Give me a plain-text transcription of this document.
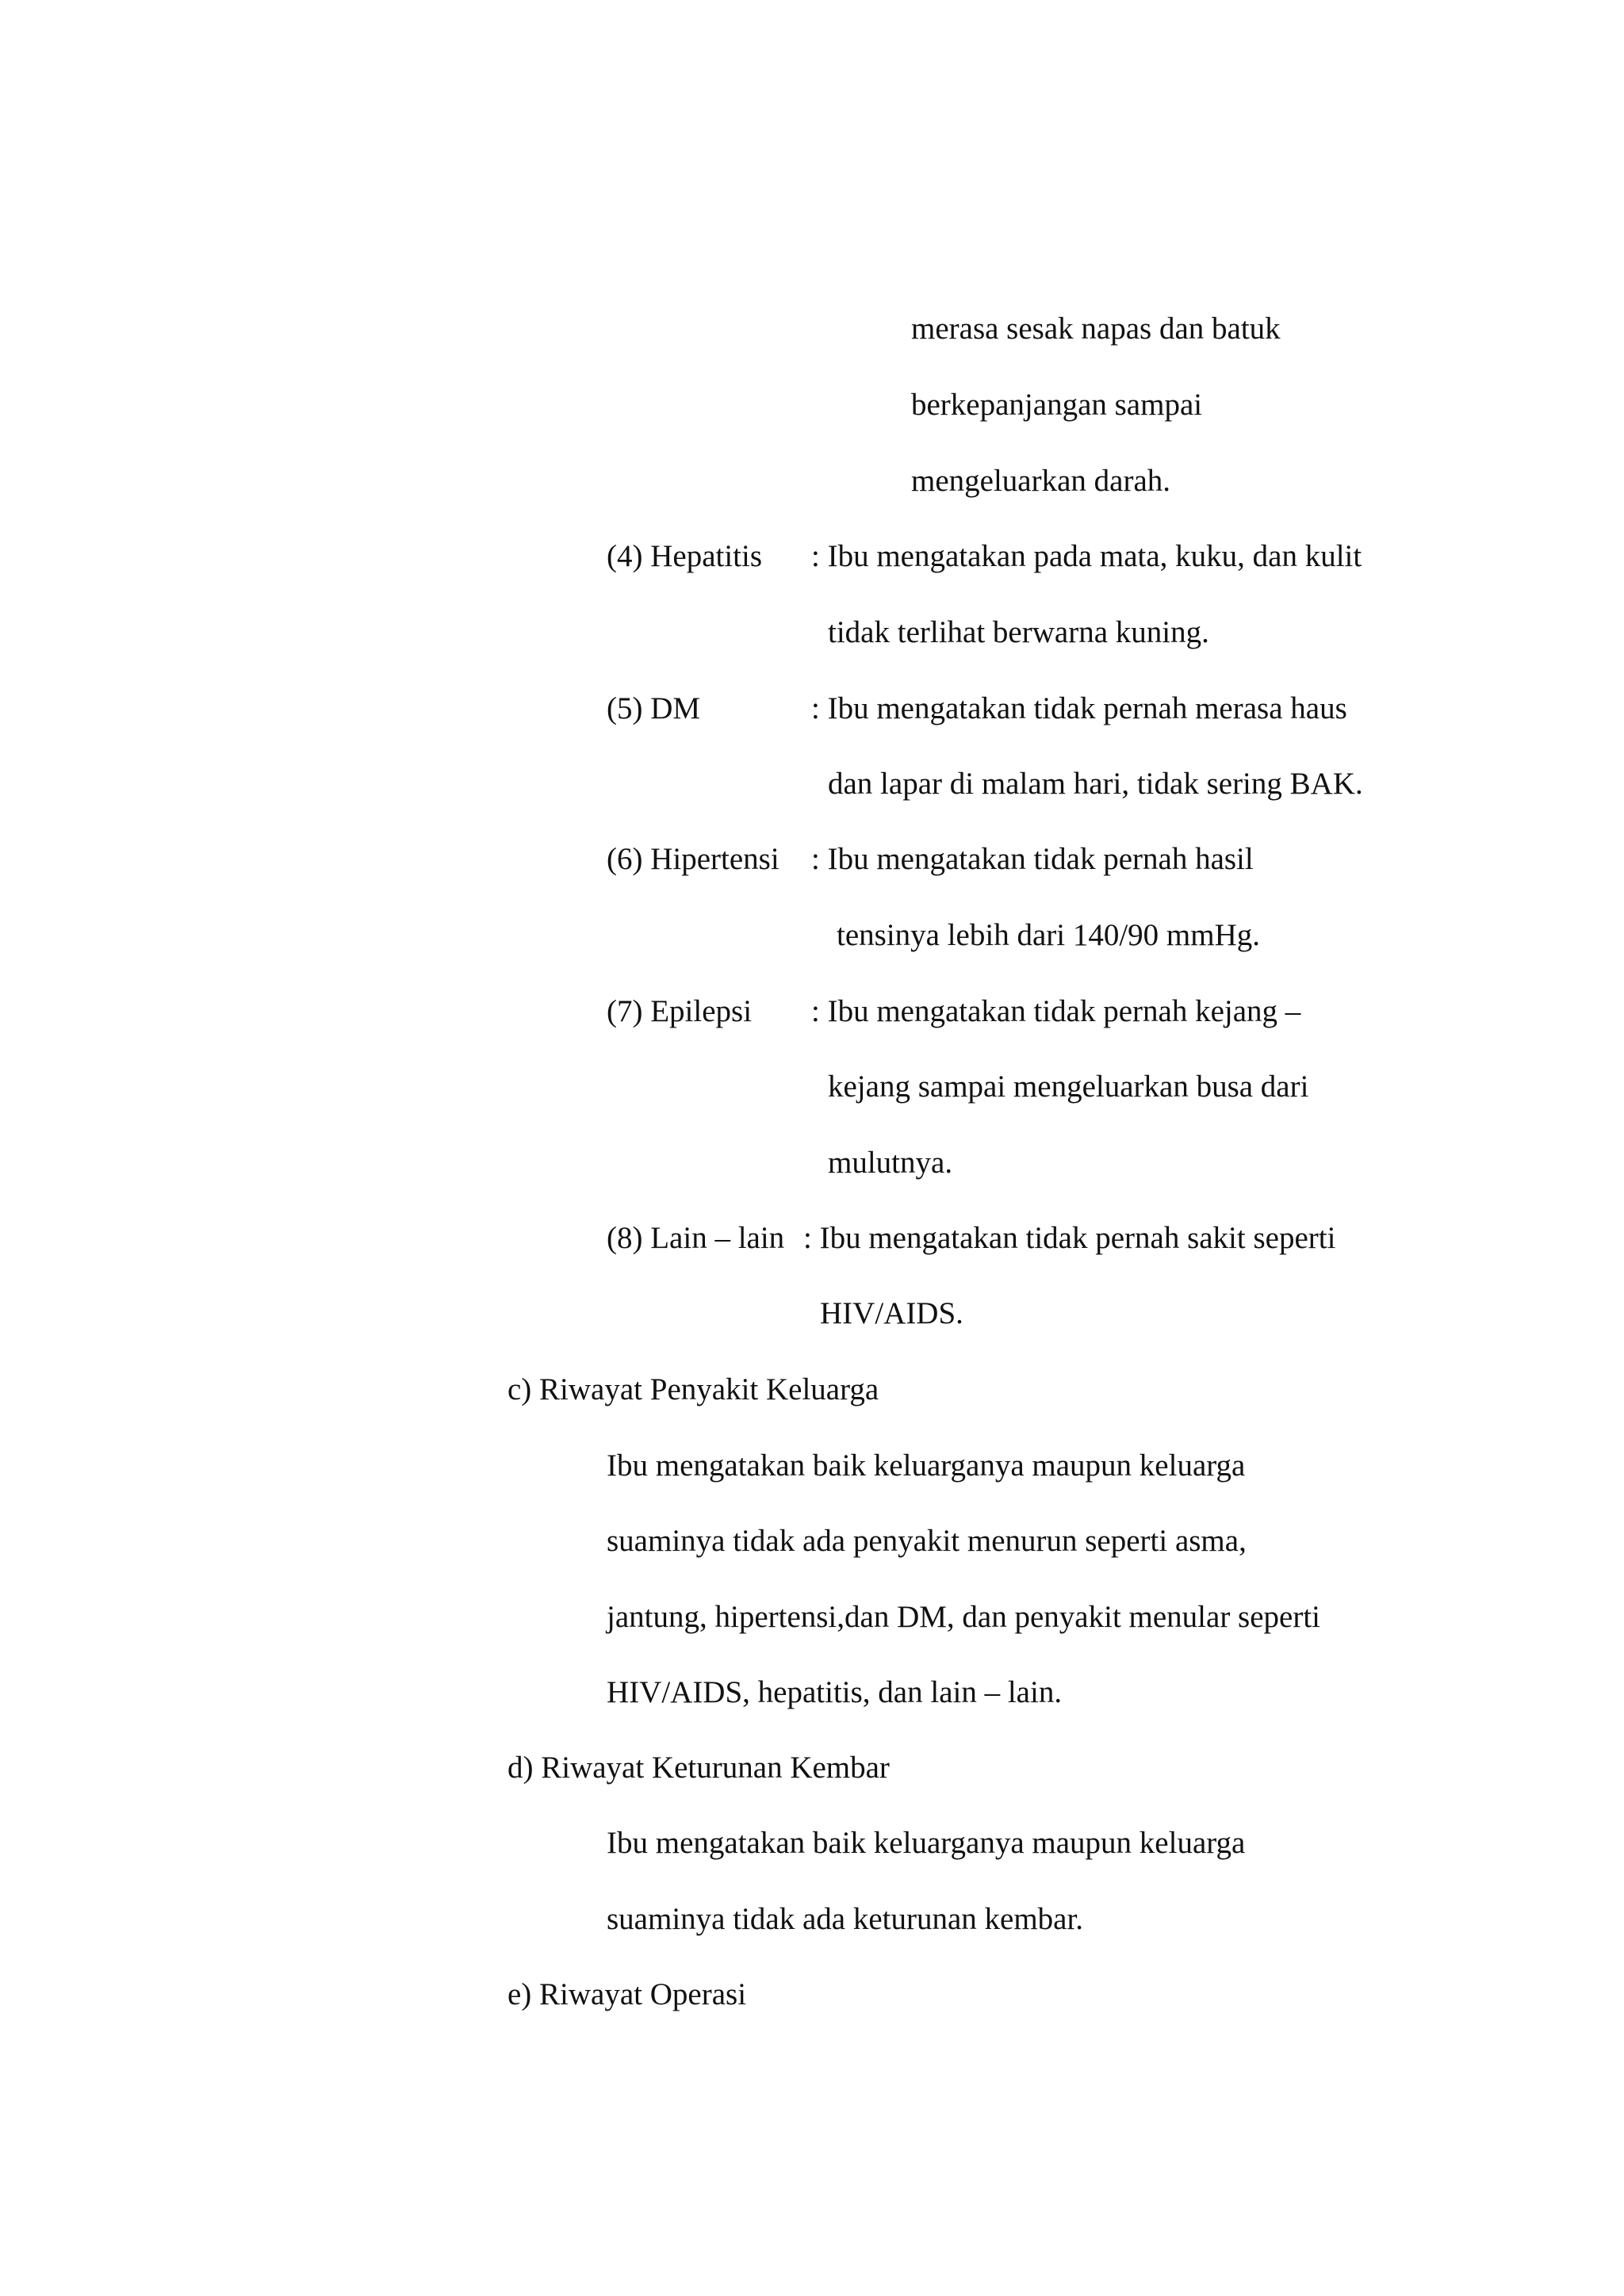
merasa sesak napas dan batuk
berkepanjangan sampai
mengeluarkan darah.
(4) Hepatitis : Ibu mengatakan pada mata, kuku, dan kulit
tidak terlihat berwarna kuning.
(5) DM	: Ibu mengatakan tidak pernah merasa haus
dan lapar di malam hari, tidak sering BAK.
(6) Hipertensi : Ibu mengatakan tidak pernah hasil
tensinya lebih dari 140/90 mmHg.
(7) Epilepsi : Ibu mengatakan tidak pernah kejang –
kejang sampai mengeluarkan busa dari
mulutnya.
(8) Lain – lain : Ibu mengatakan tidak pernah sakit seperti
HIV/AIDS.
c) Riwayat Penyakit Keluarga
Ibu mengatakan baik keluarganya maupun keluarga
suaminya tidak ada penyakit menurun seperti asma,
jantung, hipertensi,dan DM, dan penyakit menular seperti
HIV/AIDS, hepatitis, dan lain – lain.
d) Riwayat Keturunan Kembar
Ibu mengatakan baik keluarganya maupun keluarga
suaminya tidak ada keturunan kembar.
e) Riwayat Operasi
